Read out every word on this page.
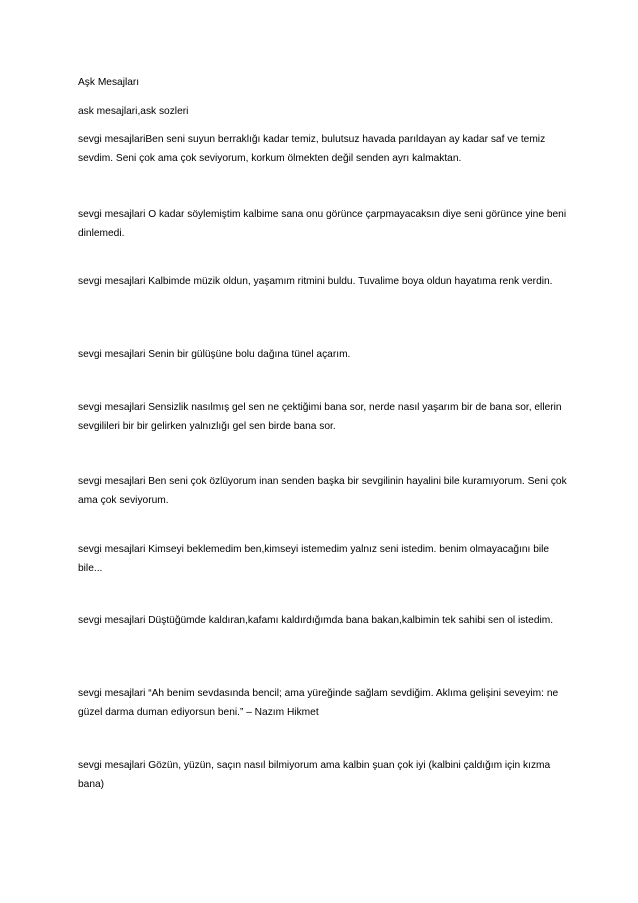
Aşk Mesajları
ask mesajlari,ask sozleri
sevgi mesajlariBen seni suyun berraklığı kadar temiz, bulutsuz havada parıldayan ay kadar saf ve temiz sevdim. Seni çok ama çok seviyorum, korkum ölmekten değil senden ayrı kalmaktan.
sevgi mesajlari O kadar söylemiştim kalbime sana onu görünce çarpmayacaksın diye seni görünce yine beni dinlemedi.
sevgi mesajlari Kalbimde müzik oldun, yaşamım ritmini buldu. Tuvalime boya oldun hayatıma renk verdin.
sevgi mesajlari Senin bir gülüşüne bolu dağına tünel açarım.
sevgi mesajlari Sensizlik nasılmış gel sen ne çektiğimi bana sor, nerde nasıl yaşarım bir de bana sor, ellerin sevgilileri bir bir gelirken yalnızlığı gel sen birde bana sor.
sevgi mesajlari Ben seni çok özlüyorum inan senden başka bir sevgilinin hayalini bile kuramıyorum. Seni çok ama çok seviyorum.
sevgi mesajlari Kimseyi beklemedim ben,kimseyi istemedim yalnız seni istedim. benim olmayacağını bile bile...
sevgi mesajlari Düştüğümde kaldıran,kafamı kaldırdığımda bana bakan,kalbimin tek sahibi sen ol istedim.
sevgi mesajlari “Ah benim sevdasında bencil; ama yüreğinde sağlam sevdiğim. Aklıma gelişini seveyim: ne güzel darma duman ediyorsun beni.” – Nazım Hikmet
sevgi mesajlari Gözün, yüzün, saçın nasıl bilmiyorum ama kalbin şuan çok iyi (kalbini çaldığım için kızma bana)
